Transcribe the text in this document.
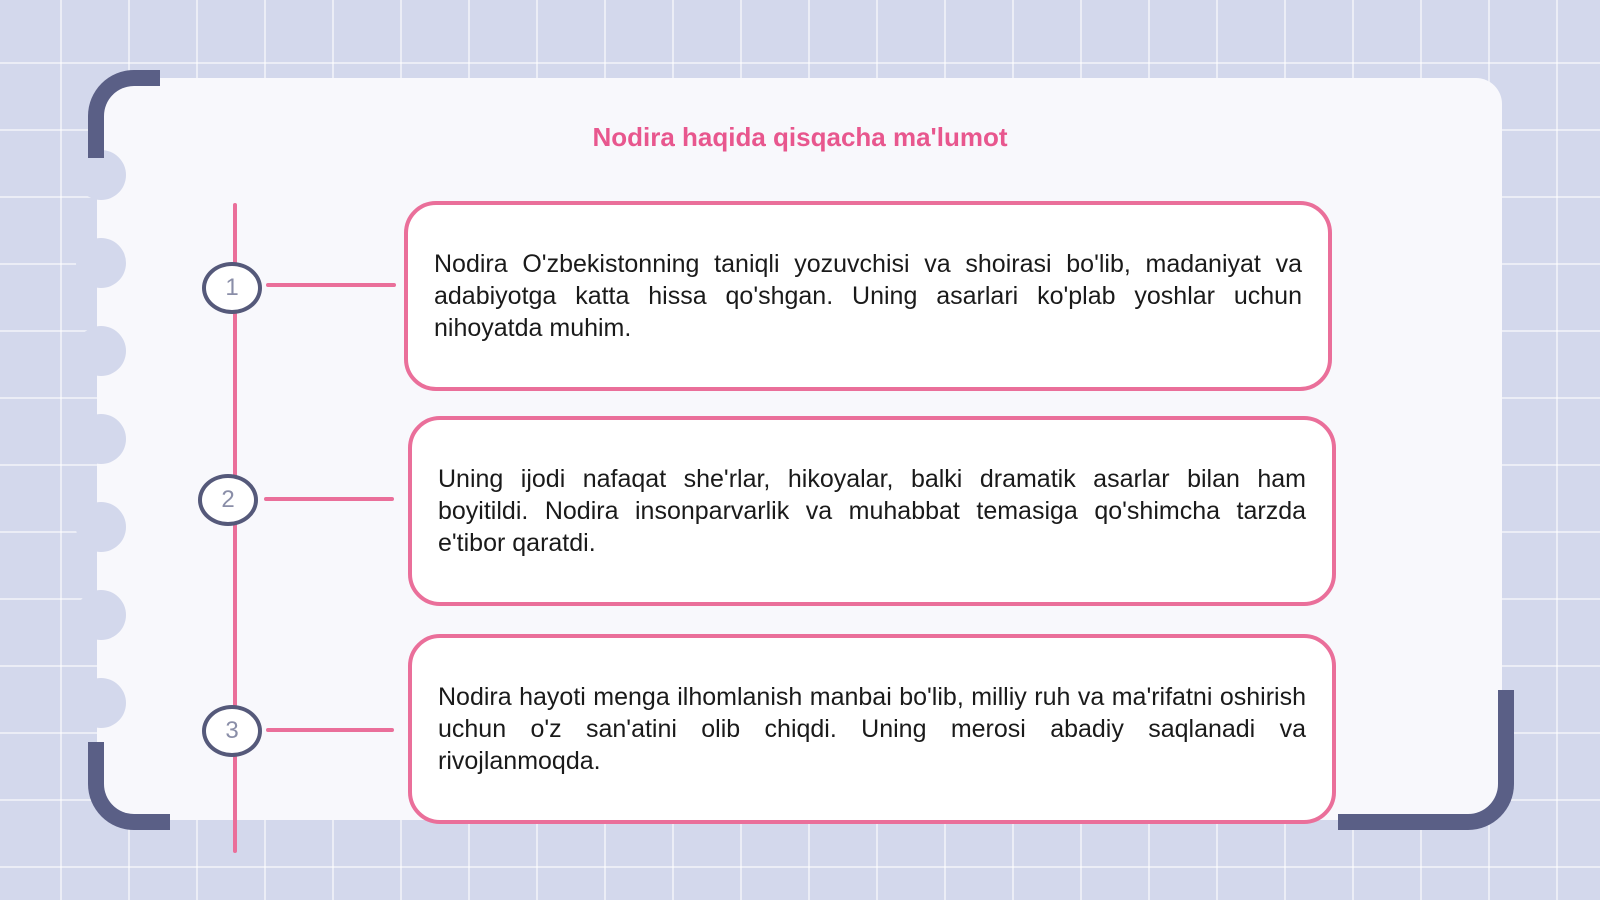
Nodira haqida qisqacha ma'lumot
1

Nodira O'zbekistonning taniqli yozuvchisi va shoirasi bo'lib, madaniyat va adabiyotga katta hissa qo'shgan. Uning asarlari ko'plab yoshlar uchun nihoyatda muhim.

2

Uning ijodi nafaqat she'rlar, hikoyalar, balki dramatik asarlar bilan ham boyitildi. Nodira insonparvarlik va muhabbat temasiga qo'shimcha tarzda e'tibor qaratdi.

3

Nodira hayoti menga ilhomlanish manbai bo'lib, milliy ruh va ma'rifatni oshirish uchun o'z san'atini olib chiqdi. Uning merosi abadiy saqlanadi va rivojlanmoqda.
